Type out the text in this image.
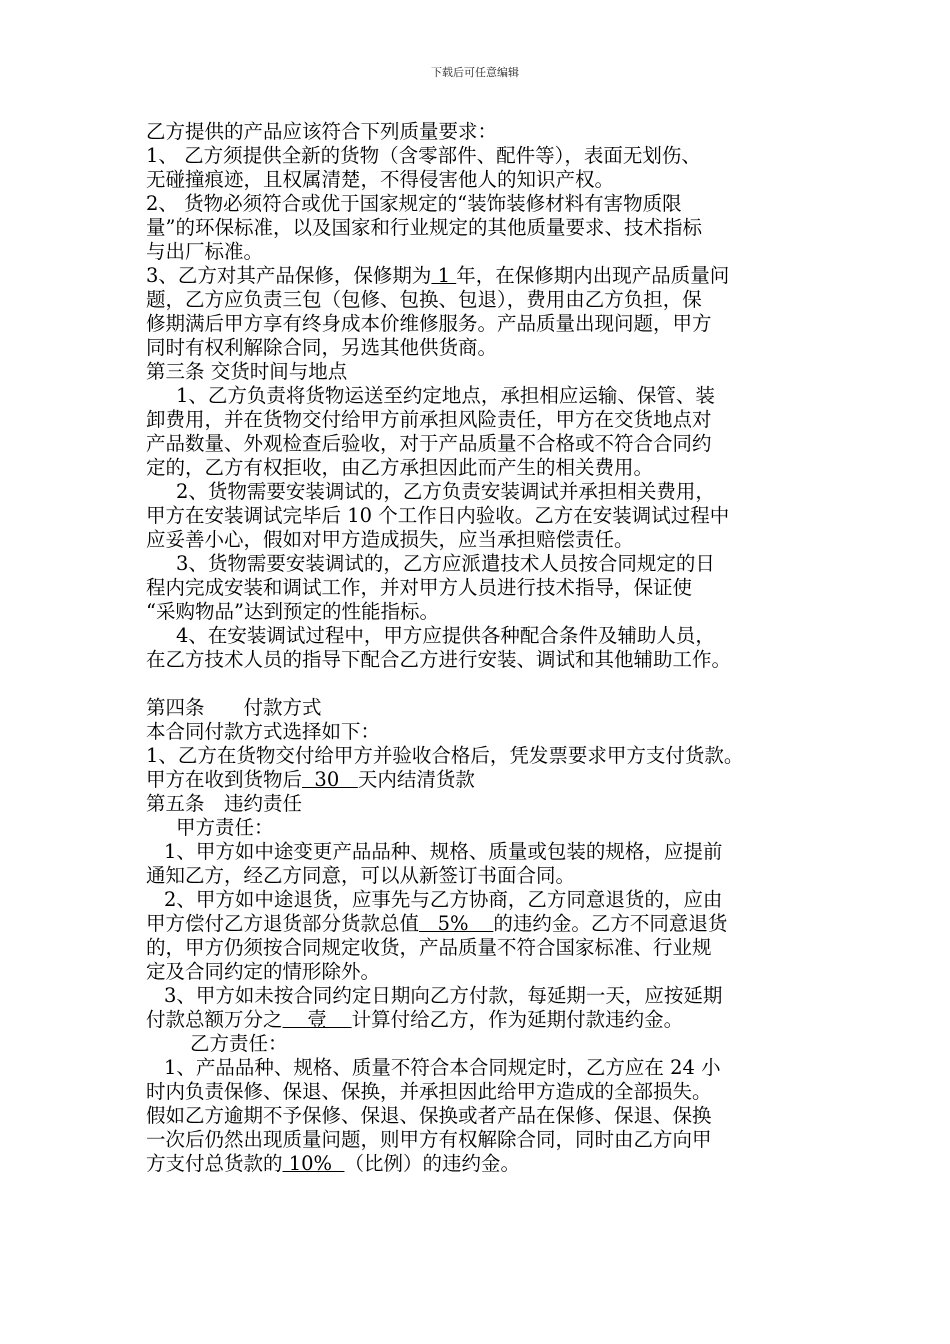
下载后可任意编辑

乙方提供的产品应该符合下列质量要求：

1、 乙方须提供全新的货物（含零部件、配件等），表面无划伤、

无碰撞痕迹，且权属清楚，不得侵害他人的知识产权。

2、 货物必须符合或优于国家规定的“装饰装修材料有害物质限

量”的环保标准，以及国家和行业规定的其他质量要求、技术指标

与出厂标准。

3、乙方对其产品保修，保修期为 1 年，在保修期内出现产品质量问

题，乙方应负责三包（包修、包换、包退），费用由乙方负担，保

修期满后甲方享有终身成本价维修服务。产品质量出现问题，甲方

同时有权利解除合同，另选其他供货商。

第三条 交货时间与地点

1、乙方负责将货物运送至约定地点，承担相应运输、保管、装

卸费用，并在货物交付给甲方前承担风险责任，甲方在交货地点对

产品数量、外观检查后验收，对于产品质量不合格或不符合合同约

定的，乙方有权拒收，由乙方承担因此而产生的相关费用。

2、货物需要安装调试的，乙方负责安装调试并承担相关费用，

甲方在安装调试完毕后 10 个工作日内验收。乙方在安装调试过程中

应妥善小心，假如对甲方造成损失，应当承担赔偿责任。

3、货物需要安装调试的，乙方应派遣技术人员按合同规定的日

程内完成安装和调试工作，并对甲方人员进行技术指导，保证使

“采购物品”达到预定的性能指标。

4、在安装调试过程中，甲方应提供各种配合条件及辅助人员，

在乙方技术人员的指导下配合乙方进行安装、调试和其他辅助工作。

第四条　　付款方式

本合同付款方式选择如下：

1、乙方在货物交付给甲方并验收合格后，凭发票要求甲方支付货款。

甲方在收到货物后  30   天内结清货款

第五条　违约责任

甲方责任：

1、甲方如中途变更产品品种、规格、质量或包装的规格，应提前

通知乙方，经乙方同意，可以从新签订书面合同。

2、甲方如中途退货，应事先与乙方协商，乙方同意退货的，应由

甲方偿付乙方退货部分货款总值   5%    的违约金。乙方不同意退货

的，甲方仍须按合同规定收货，产品质量不符合国家标准、行业规

定及合同约定的情形除外。

3、甲方如未按合同约定日期向乙方付款，每延期一天，应按延期

付款总额万分之    壹    计算付给乙方，作为延期付款违约金。

乙方责任：

1、产品品种、规格、质量不符合本合同规定时，乙方应在 24 小

时内负责保修、保退、保换，并承担因此给甲方造成的全部损失。

假如乙方逾期不予保修、保退、保换或者产品在保修、保退、保换

一次后仍然出现质量问题，则甲方有权解除合同，同时由乙方向甲

方支付总货款的 10%  （比例）的违约金。
